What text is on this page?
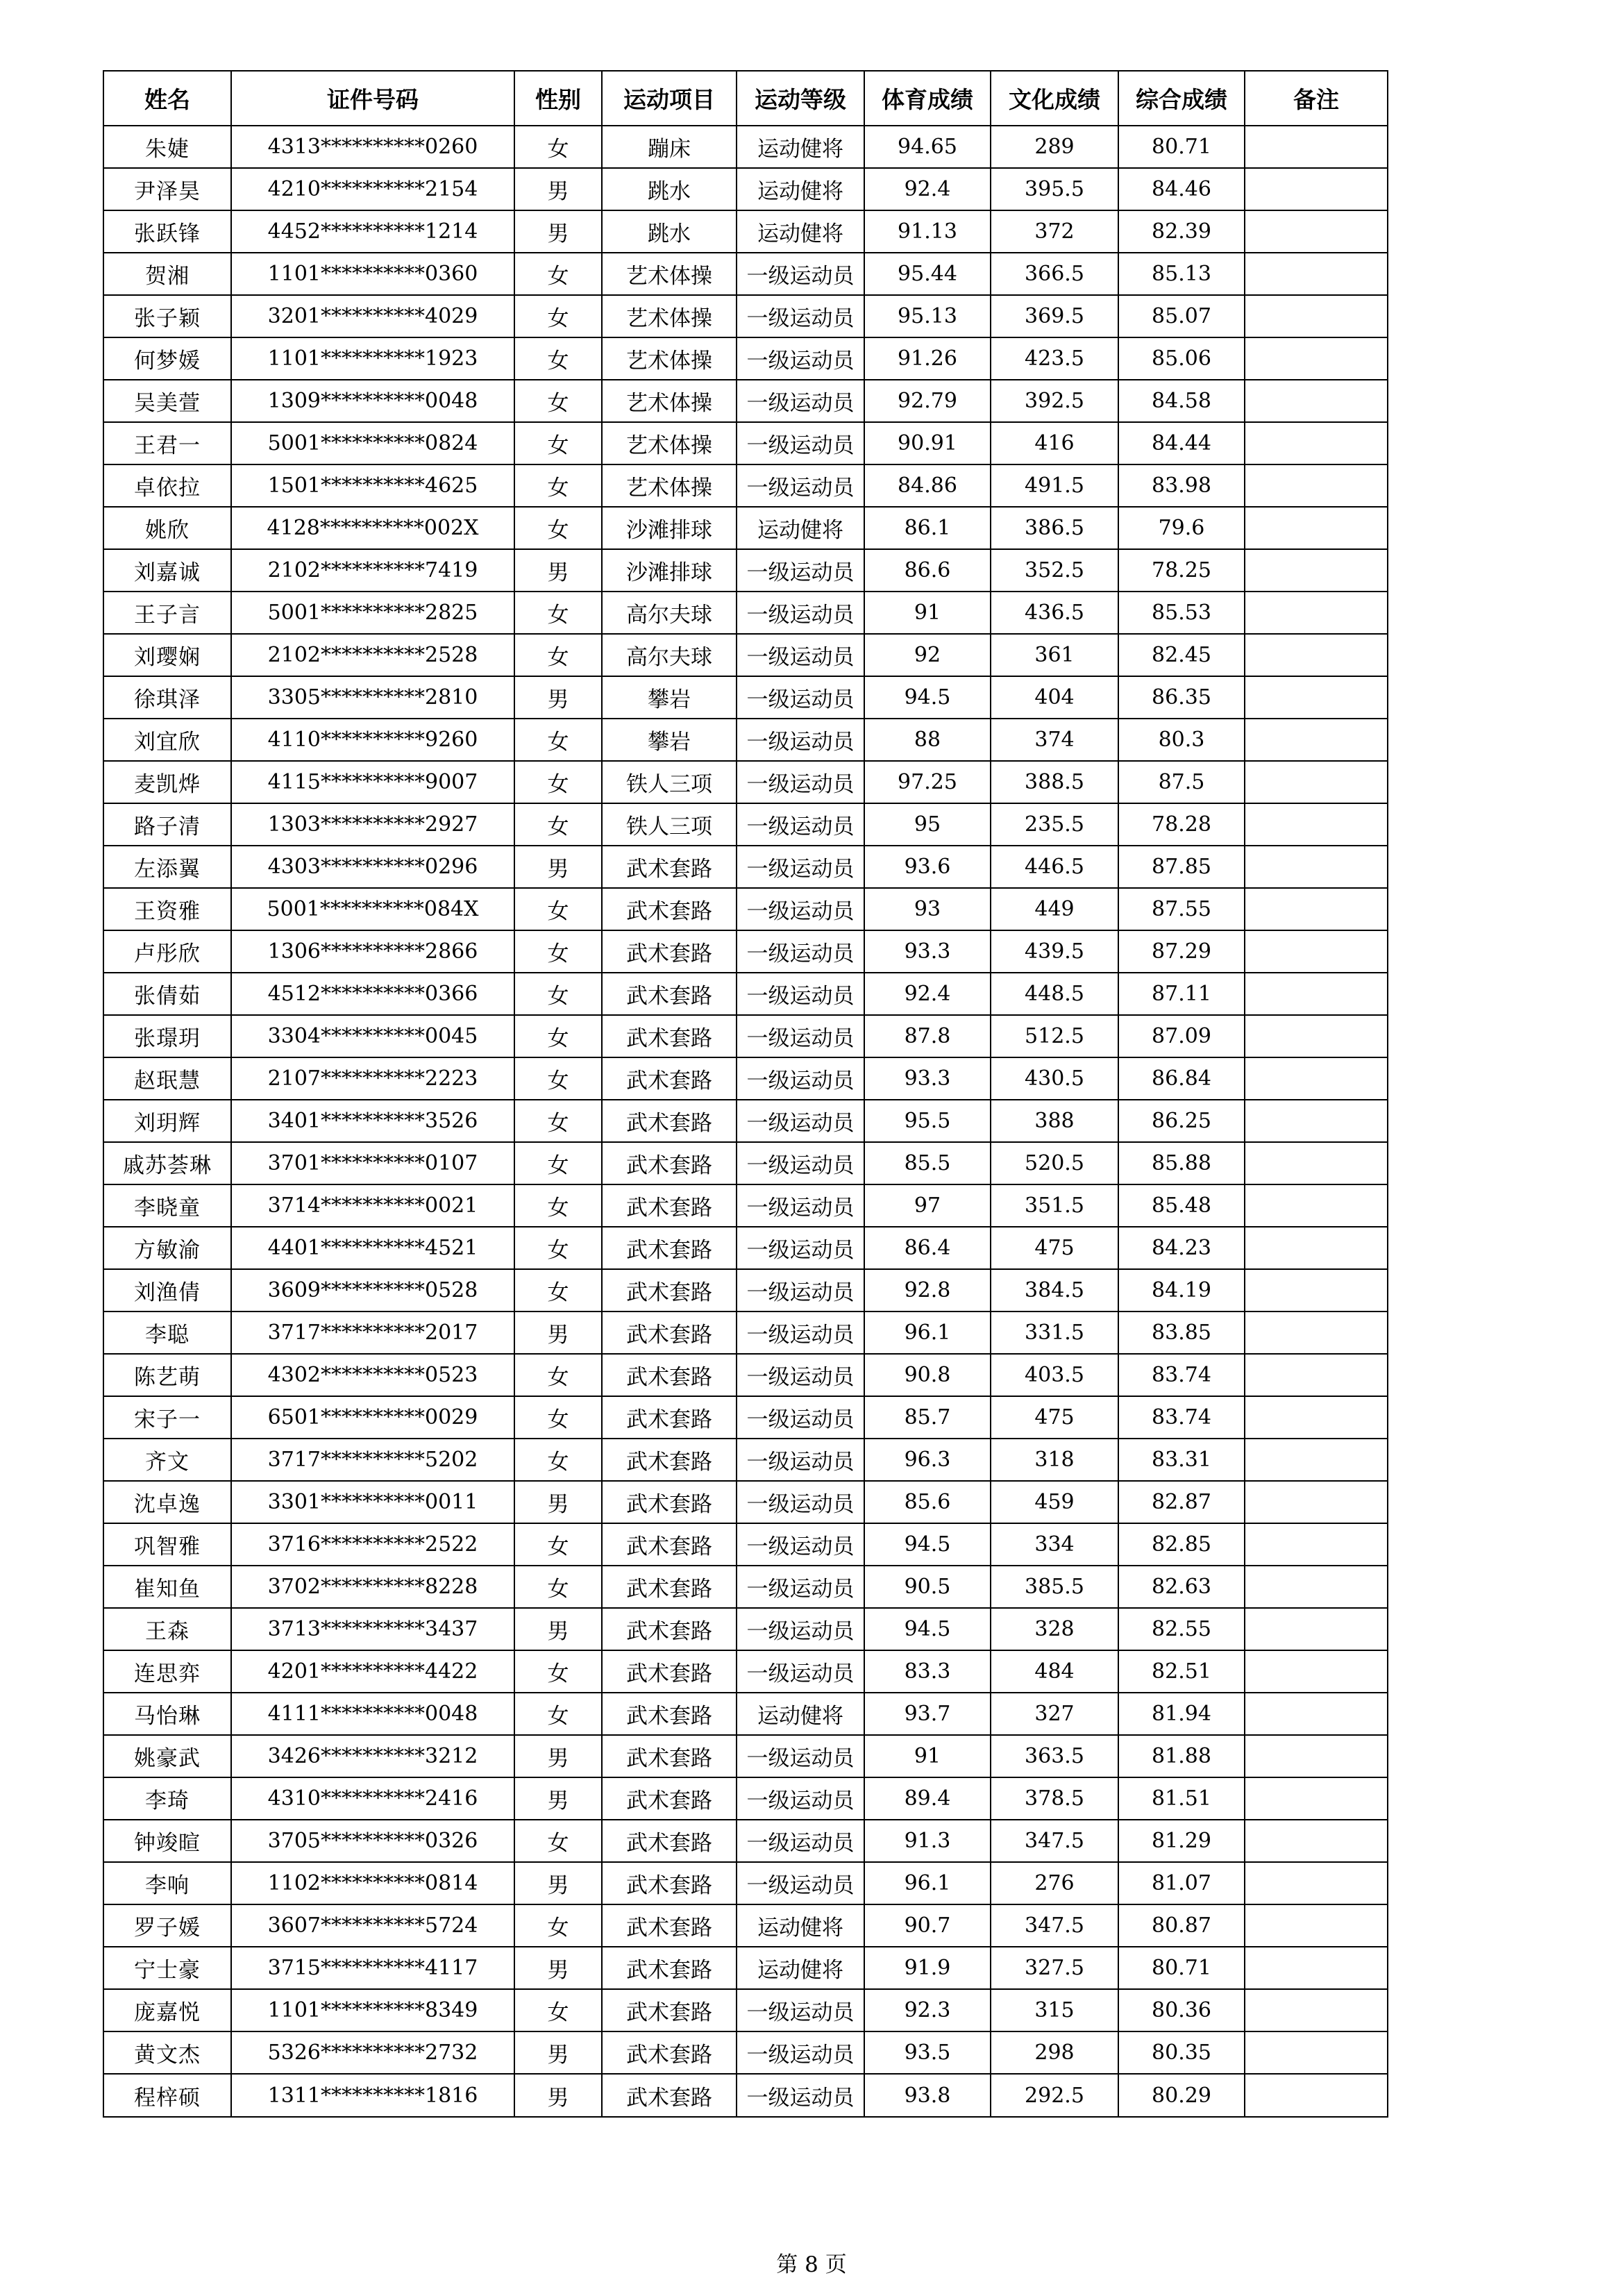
姓名	证件号码	性别	运动项目	运动等级	体育成绩	文化成绩	综合成绩	备注
朱婕	4313**********0260	女	蹦床	运动健将	94.65	289	80.71	
尹泽昊	4210**********2154	男	跳水	运动健将	92.4	395.5	84.46	
张跃锋	4452**********1214	男	跳水	运动健将	91.13	372	82.39	
贺湘	1101**********0360	女	艺术体操	一级运动员	95.44	366.5	85.13	
张子颖	3201**********4029	女	艺术体操	一级运动员	95.13	369.5	85.07	
何梦媛	1101**********1923	女	艺术体操	一级运动员	91.26	423.5	85.06	
吴美萱	1309**********0048	女	艺术体操	一级运动员	92.79	392.5	84.58	
王君一	5001**********0824	女	艺术体操	一级运动员	90.91	416	84.44	
卓依拉	1501**********4625	女	艺术体操	一级运动员	84.86	491.5	83.98	
姚欣	4128**********002X	女	沙滩排球	运动健将	86.1	386.5	79.6	
刘嘉诚	2102**********7419	男	沙滩排球	一级运动员	86.6	352.5	78.25	
王子言	5001**********2825	女	高尔夫球	一级运动员	91	436.5	85.53	
刘璎娴	2102**********2528	女	高尔夫球	一级运动员	92	361	82.45	
徐琪泽	3305**********2810	男	攀岩	一级运动员	94.5	404	86.35	
刘宜欣	4110**********9260	女	攀岩	一级运动员	88	374	80.3	
麦凯烨	4115**********9007	女	铁人三项	一级运动员	97.25	388.5	87.5	
路子清	1303**********2927	女	铁人三项	一级运动员	95	235.5	78.28	
左添翼	4303**********0296	男	武术套路	一级运动员	93.6	446.5	87.85	
王资雅	5001**********084X	女	武术套路	一级运动员	93	449	87.55	
卢彤欣	1306**********2866	女	武术套路	一级运动员	93.3	439.5	87.29	
张倩茹	4512**********0366	女	武术套路	一级运动员	92.4	448.5	87.11	
张璟玥	3304**********0045	女	武术套路	一级运动员	87.8	512.5	87.09	
赵珉慧	2107**********2223	女	武术套路	一级运动员	93.3	430.5	86.84	
刘玥辉	3401**********3526	女	武术套路	一级运动员	95.5	388	86.25	
戚苏荟琳	3701**********0107	女	武术套路	一级运动员	85.5	520.5	85.88	
李晓童	3714**********0021	女	武术套路	一级运动员	97	351.5	85.48	
方敏渝	4401**********4521	女	武术套路	一级运动员	86.4	475	84.23	
刘渔倩	3609**********0528	女	武术套路	一级运动员	92.8	384.5	84.19	
李聪	3717**********2017	男	武术套路	一级运动员	96.1	331.5	83.85	
陈艺萌	4302**********0523	女	武术套路	一级运动员	90.8	403.5	83.74	
宋子一	6501**********0029	女	武术套路	一级运动员	85.7	475	83.74	
齐文	3717**********5202	女	武术套路	一级运动员	96.3	318	83.31	
沈卓逸	3301**********0011	男	武术套路	一级运动员	85.6	459	82.87	
巩智雅	3716**********2522	女	武术套路	一级运动员	94.5	334	82.85	
崔知鱼	3702**********8228	女	武术套路	一级运动员	90.5	385.5	82.63	
王森	3713**********3437	男	武术套路	一级运动员	94.5	328	82.55	
连思弈	4201**********4422	女	武术套路	一级运动员	83.3	484	82.51	
马怡琳	4111**********0048	女	武术套路	运动健将	93.7	327	81.94	
姚豪武	3426**********3212	男	武术套路	一级运动员	91	363.5	81.88	
李琦	4310**********2416	男	武术套路	一级运动员	89.4	378.5	81.51	
钟竣暄	3705**********0326	女	武术套路	一级运动员	91.3	347.5	81.29	
李响	1102**********0814	男	武术套路	一级运动员	96.1	276	81.07	
罗子媛	3607**********5724	女	武术套路	运动健将	90.7	347.5	80.87	
宁士豪	3715**********4117	男	武术套路	运动健将	91.9	327.5	80.71	
庞嘉悦	1101**********8349	女	武术套路	一级运动员	92.3	315	80.36	
黄文杰	5326**********2732	男	武术套路	一级运动员	93.5	298	80.35	
程梓硕	1311**********1816	男	武术套路	一级运动员	93.8	292.5	80.29	
第 8 页
